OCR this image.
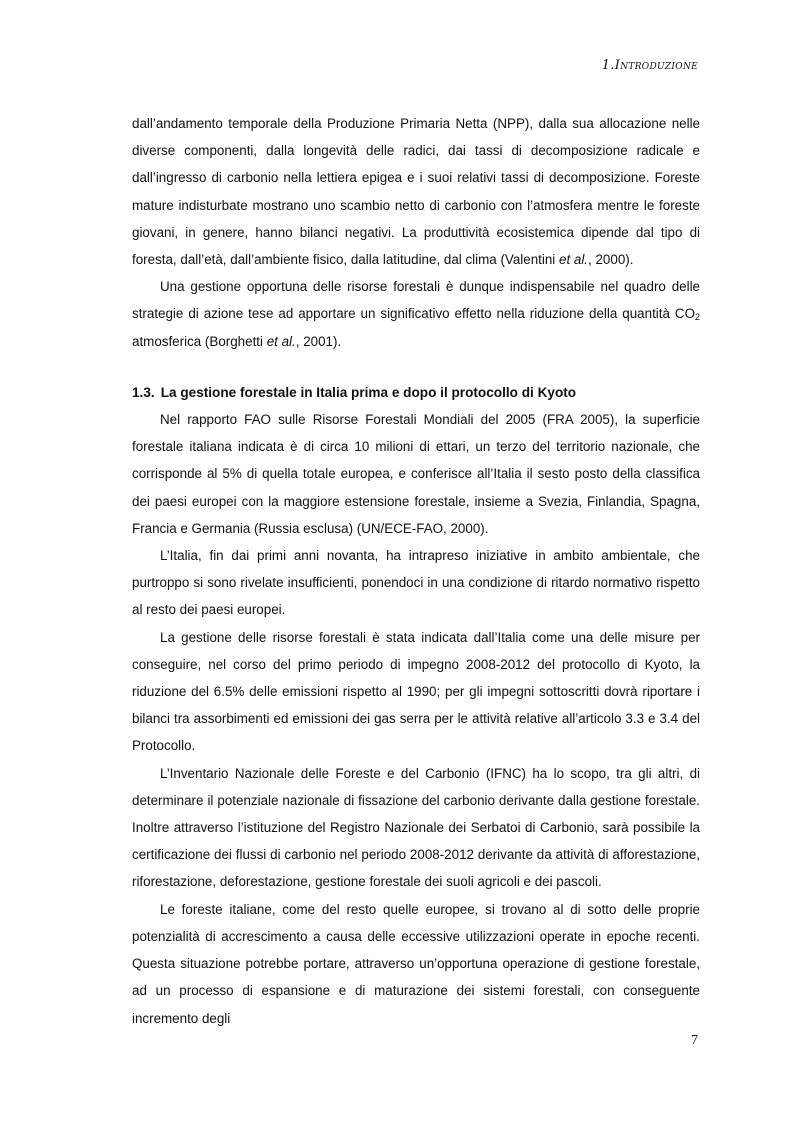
1.Introduzione

dall’andamento temporale della Produzione Primaria Netta (NPP), dalla sua allocazione nelle diverse componenti, dalla longevità delle radici, dai tassi di decomposizione radicale e dall’ingresso di carbonio nella lettiera epigea e i suoi relativi tassi di decomposizione. Foreste mature indisturbate mostrano uno scambio netto di carbonio con l’atmosfera mentre le foreste giovani, in genere, hanno bilanci negativi. La produttività ecosistemica dipende dal tipo di foresta, dall’età, dall’ambiente fisico, dalla latitudine, dal clima (Valentini et al., 2000).

Una gestione opportuna delle risorse forestali è dunque indispensabile nel quadro delle strategie di azione tese ad apportare un significativo effetto nella riduzione della quantità $CO_2$ atmosferica (Borghetti et al., 2001).

1.3. La gestione forestale in Italia prima e dopo il protocollo di Kyoto

Nel rapporto FAO sulle Risorse Forestali Mondiali del 2005 (FRA 2005), la superficie forestale italiana indicata è di circa 10 milioni di ettari, un terzo del territorio nazionale, che corrisponde al 5% di quella totale europea, e conferisce all’Italia il sesto posto della classifica dei paesi europei con la maggiore estensione forestale, insieme a Svezia, Finlandia, Spagna, Francia e Germania (Russia esclusa) (UN/ECE-FAO, 2000).

L’Italia, fin dai primi anni novanta, ha intrapreso iniziative in ambito ambientale, che purtroppo si sono rivelate insufficienti, ponendoci in una condizione di ritardo normativo rispetto al resto dei paesi europei.

La gestione delle risorse forestali è stata indicata dall’Italia come una delle misure per conseguire, nel corso del primo periodo di impegno 2008-2012 del protocollo di Kyoto, la riduzione del 6.5% delle emissioni rispetto al 1990; per gli impegni sottoscritti dovrà riportare i bilanci tra assorbimenti ed emissioni dei gas serra per le attività relative all’articolo 3.3 e 3.4 del Protocollo.

L’Inventario Nazionale delle Foreste e del Carbonio (IFNC) ha lo scopo, tra gli altri, di determinare il potenziale nazionale di fissazione del carbonio derivante dalla gestione forestale. Inoltre attraverso l’istituzione del Registro Nazionale dei Serbatoi di Carbonio, sarà possibile la certificazione dei flussi di carbonio nel periodo 2008-2012 derivante da attività di afforestazione, riforestazione, deforestazione, gestione forestale dei suoli agricoli e dei pascoli.

Le foreste italiane, come del resto quelle europee, si trovano al di sotto delle proprie potenzialità di accrescimento a causa delle eccessive utilizzazioni operate in epoche recenti. Questa situazione potrebbe portare, attraverso un’opportuna operazione di gestione forestale, ad un processo di espansione e di maturazione dei sistemi forestali, con conseguente incremento degli

7
